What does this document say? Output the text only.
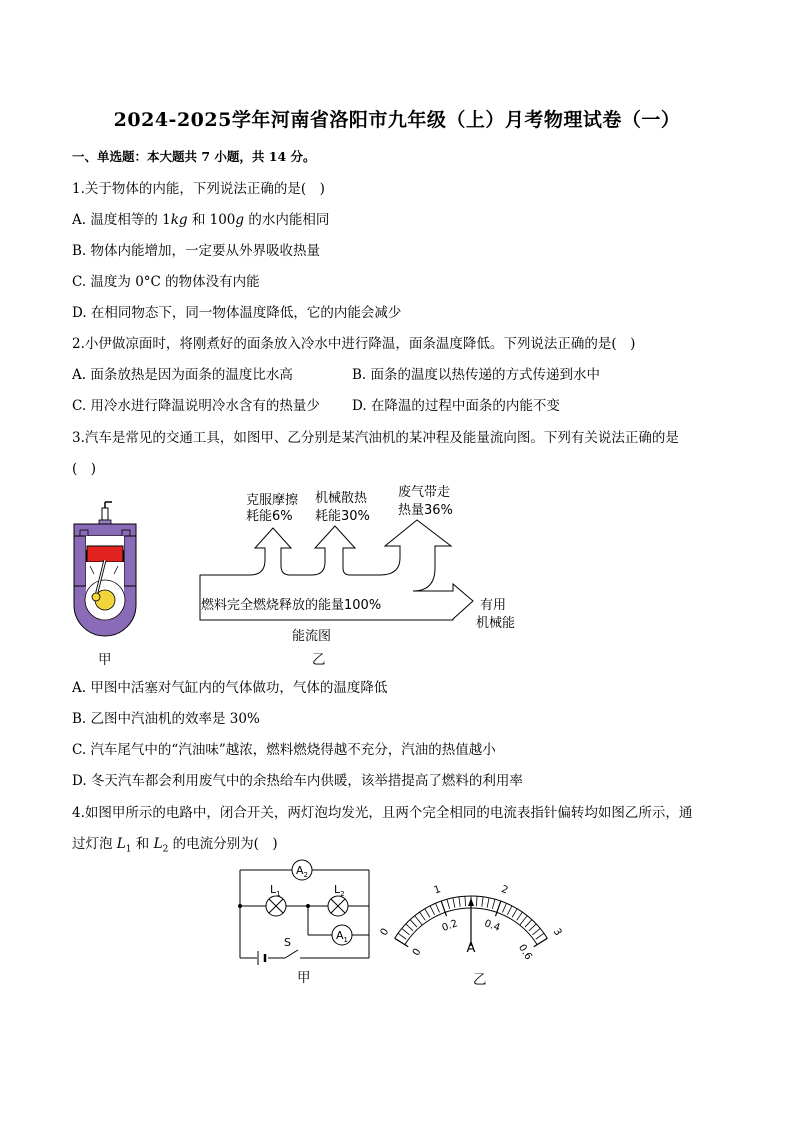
2024-2025学年河南省洛阳市九年级（上）月考物理试卷（一）
一、单选题：本大题共 7 小题，共 14 分。
1.关于物体的内能，下列说法正确的是(　)
A. 温度相等的 1kg 和 100g 的水内能相同
B. 物体内能增加，一定要从外界吸收热量
C. 温度为 0°C 的物体没有内能
D. 在相同物态下，同一物体温度降低，它的内能会减少
2.小伊做凉面时，将刚煮好的面条放入冷水中进行降温，面条温度降低。下列说法正确的是(　)
A. 面条放热是因为面条的温度比水高	B. 面条的温度以热传递的方式传递到水中
C. 用冷水进行降温说明冷水含有的热量少 D. 在降温的过程中面条的内能不变
3.汽车是常见的交通工具，如图甲、乙分别是某汽油机的某冲程及能量流向图。下列有关说法正确的是
(　)
甲
克服摩擦
耗能6%
机械散热
耗能30%
废气带走
热量36%
燃料完全燃烧释放的能量100%	有用
机械能
能流图
乙
A. 甲图中活塞对气缸内的气体做功，气体的温度降低
B. 乙图中汽油机的效率是 30%
C. 汽车尾气中的“汽油味”越浓，燃料燃烧得越不充分，汽油的热值越小
D. 冬天汽车都会利用废气中的余热给车内供暖，该举措提高了燃料的利用率
4.如图甲所示的电路中，闭合开关，两灯泡均发光，且两个完全相同的电流表指针偏转均如图乙所示，通
过灯泡 $L_1$ 和 $L_2$ 的电流分别为(　)
$A_2$
$A_1$
$L_1$	$L_2$
S
甲
0
1	2
3
0
0.2 0.4
0.6
A
乙
